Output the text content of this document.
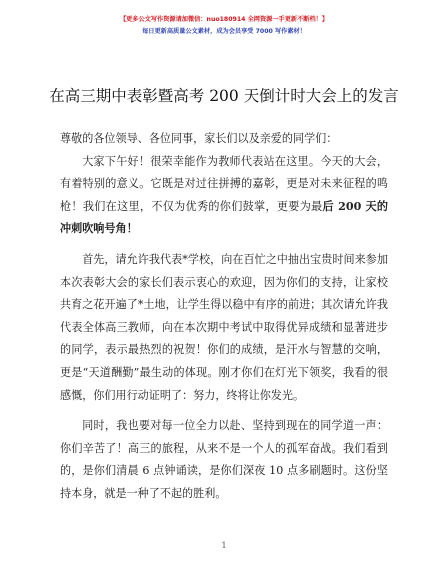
【更多公文写作资源请加微信：nuo180914 全网资源一手更新不断档！】
每日更新高质量公文素材，成为会员享受 7000 写作素材！
在高三期中表彰暨高考 200 天倒计时大会上的发言

尊敬的各位领导、各位同事，家长们以及亲爱的同学们：

大家下午好！很荣幸能作为教师代表站在这里。今天的大会，有着特别的意义。它既是对过往拼搏的嘉彰，更是对未来征程的鸣枪！我们在这里，不仅为优秀的你们鼓掌，更要为最后 200 天的冲刺吹响号角！

首先，请允许我代表*学校，向在百忙之中抽出宝贵时间来参加本次表彰大会的家长们表示衷心的欢迎，因为你们的支持，让家校共育之花开遍了*土地，让学生得以稳中有序的前进；其次请允许我代表全体高三教师，向在本次期中考试中取得优异成绩和显著进步的同学，表示最热烈的祝贺！你们的成绩，是汗水与智慧的交响，更是“天道酬勤”最生动的体现。刚才你们在灯光下领奖，我看的很感慨，你们用行动证明了：努力，终将让你发光。

同时，我也要对每一位全力以赴、坚持到现在的同学道一声：你们辛苦了！高三的旅程，从来不是一个人的孤军奋战。我们看到的，是你们清晨 6 点钟诵读，是你们深夜 10 点多刷题时。这份坚持本身，就是一种了不起的胜利。

1
